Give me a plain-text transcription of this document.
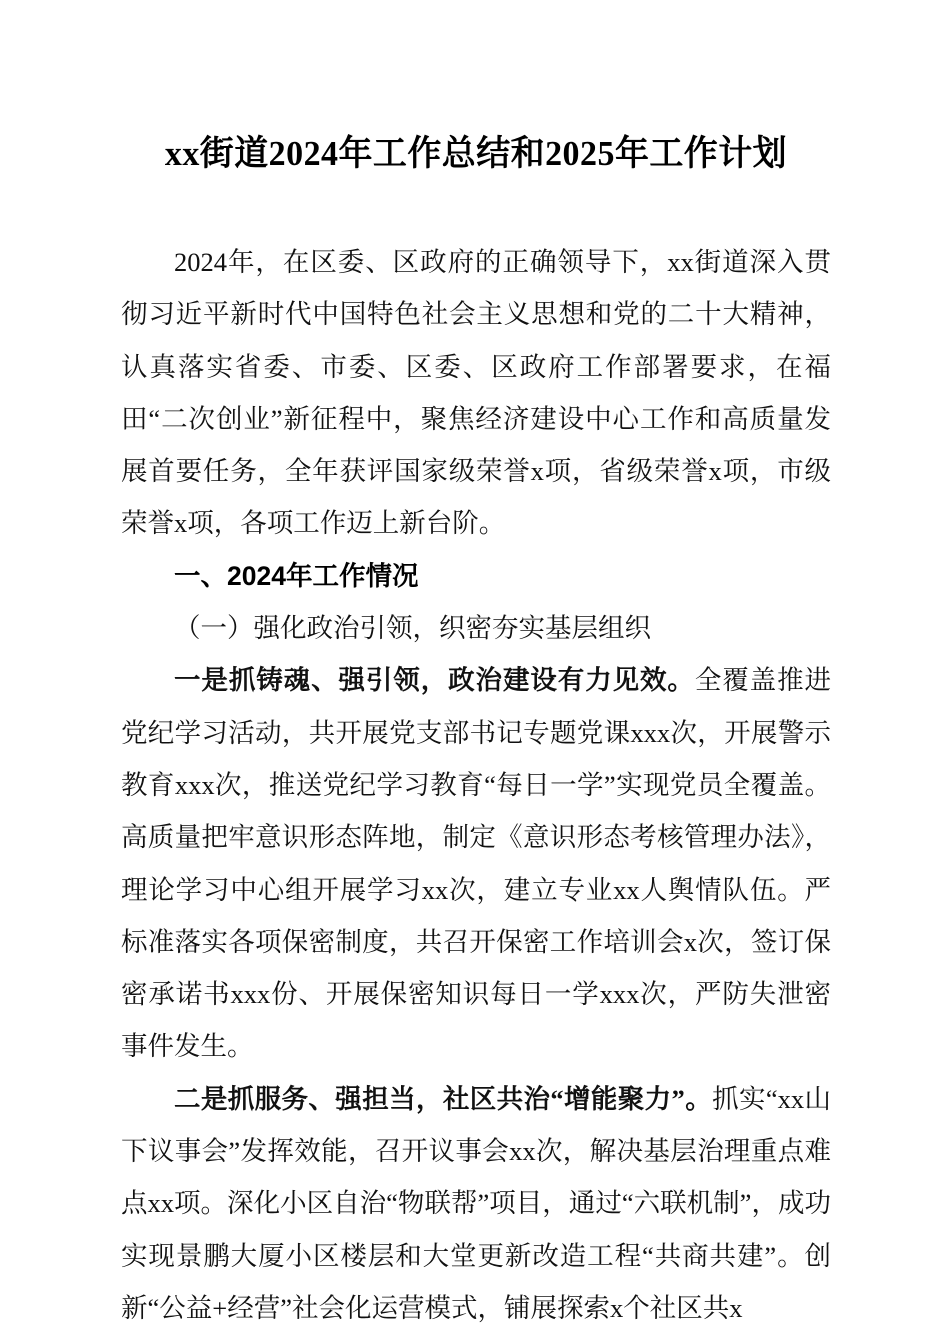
xx街道2024年工作总结和2025年工作计划

2024年，在区委、区政府的正确领导下，xx街道深入贯彻习近平新时代中国特色社会主义思想和党的二十大精神，认真落实省委、市委、区委、区政府工作部署要求，在福田“二次创业”新征程中，聚焦经济建设中心工作和高质量发展首要任务，全年获评国家级荣誉x项，省级荣誉x项，市级荣誉x项，各项工作迈上新台阶。

一、2024年工作情况

（一）强化政治引领，织密夯实基层组织

一是抓铸魂、强引领，政治建设有力见效。全覆盖推进党纪学习活动，共开展党支部书记专题党课xxx次，开展警示教育xxx次，推送党纪学习教育“每日一学”实现党员全覆盖。高质量把牢意识形态阵地，制定《意识形态考核管理办法》，理论学习中心组开展学习xx次，建立专业xx人舆情队伍。严标准落实各项保密制度，共召开保密工作培训会x次，签订保密承诺书xxx份、开展保密知识每日一学xxx次，严防失泄密事件发生。

二是抓服务、强担当，社区共治“增能聚力”。抓实“xx山下议事会”发挥效能，召开议事会xx次，解决基层治理重点难点xx项。深化小区自治“物联帮”项目，通过“六联机制”，成功实现景鹏大厦小区楼层和大堂更新改造工程“共商共建”。创新“公益+经营”社会化运营模式，铺展探索x个社区共x
